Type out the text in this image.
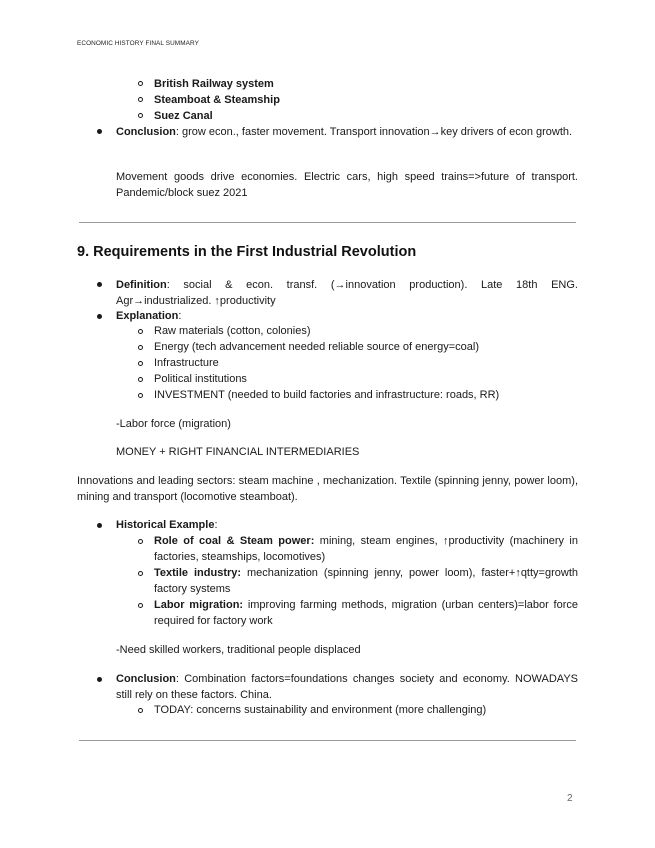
ECONOMIC HISTORY FINAL SUMMARY
British Railway system
Steamboat & Steamship
Suez Canal
Conclusion: grow econ., faster movement. Transport innovation→key drivers of econ growth.
Movement goods drive economies. Electric cars, high speed trains=>future of transport. Pandemic/block suez 2021
9. Requirements in the First Industrial Revolution
Definition: social & econ. transf. (→innovation production). Late 18th ENG. Agr→industrialized. ↑productivity
Explanation:
Raw materials (cotton, colonies)
Energy (tech advancement needed reliable source of energy=coal)
Infrastructure
Political institutions
INVESTMENT (needed to build factories and infrastructure: roads, RR)
-Labor force (migration)
MONEY + RIGHT FINANCIAL INTERMEDIARIES
Innovations and leading sectors: steam machine , mechanization. Textile (spinning jenny, power loom), mining and transport (locomotive steamboat).
Historical Example:
Role of coal & Steam power: mining, steam engines, ↑productivity (machinery in factories, steamships, locomotives)
Textile industry: mechanization (spinning jenny, power loom), faster+↑qtty=growth factory systems
Labor migration: improving farming methods, migration (urban centers)=labor force required for factory work
-Need skilled workers, traditional people displaced
Conclusion: Combination factors=foundations changes society and economy. NOWADAYS still rely on these factors. China.
TODAY: concerns sustainability and environment (more challenging)
2
